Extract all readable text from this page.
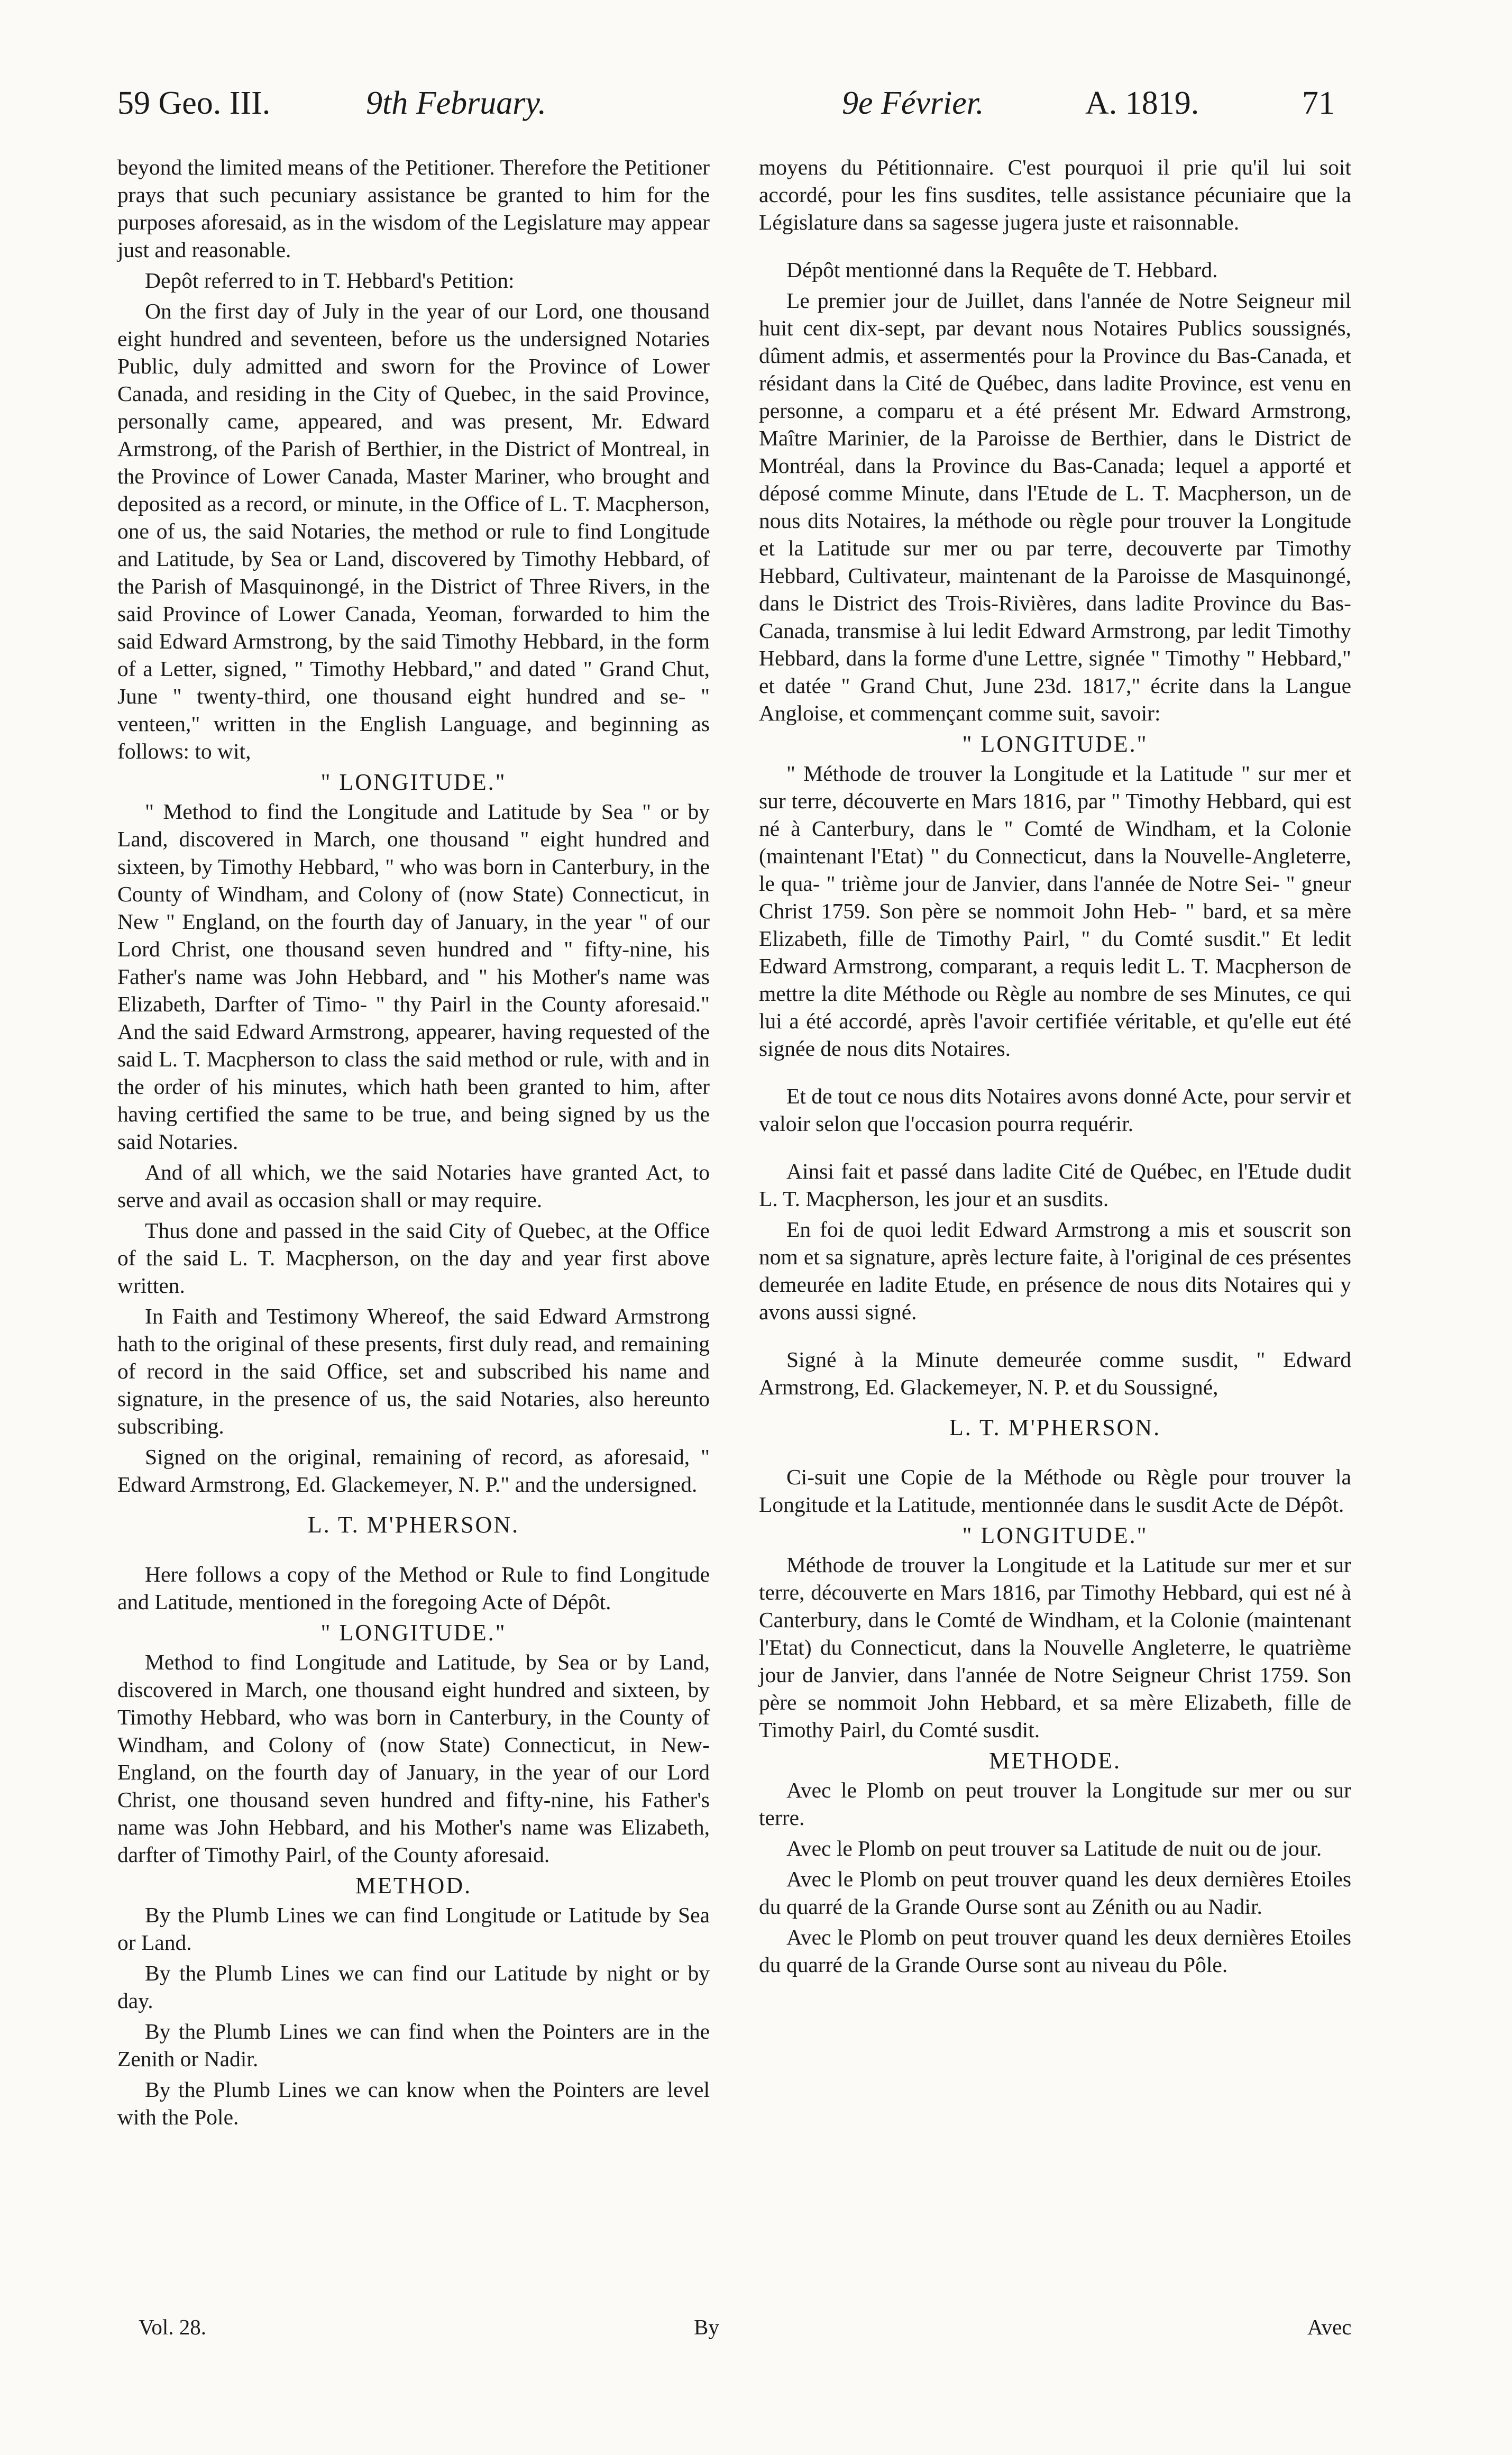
59 Geo. III.	9th February.	9e Février.	A. 1819.	71

beyond the limited means of the Petitioner. Therefore the Petitioner prays that such pecuniary assistance be granted to him for the purposes aforesaid, as in the wisdom of the Legislature may appear just and reasonable.

Depôt referred to in T. Hebbard's Petition:

On the first day of July in the year of our Lord, one thousand eight hundred and seventeen, before us the undersigned Notaries Public, duly admitted and sworn for the Province of Lower Canada, and residing in the City of Quebec, in the said Province, personally came, appeared, and was present, Mr. Edward Armstrong, of the Parish of Berthier, in the District of Montreal, in the Province of Lower Canada, Master Mariner, who brought and deposited as a record, or minute, in the Office of L. T. Macpherson, one of us, the said Notaries, the method or rule to find Longitude and Latitude, by Sea or Land, discovered by Timothy Hebbard, of the Parish of Masquinongé, in the District of Three Rivers, in the said Province of Lower Canada, Yeoman, forwarded to him the said Edward Armstrong, by the said Timothy Hebbard, in the form of a Letter, signed, " Timothy Hebbard," and dated " Grand Chut, June " twenty-third, one thousand eight hundred and se- " venteen," written in the English Language, and beginning as follows: to wit,

" LONGITUDE."

" Method to find the Longitude and Latitude by Sea " or by Land, discovered in March, one thousand " eight hundred and sixteen, by Timothy Hebbard, " who was born in Canterbury, in the County of Windham, and Colony of (now State) Connecticut, in New " England, on the fourth day of January, in the year " of our Lord Christ, one thousand seven hundred and " fifty-nine, his Father's name was John Hebbard, and " his Mother's name was Elizabeth, Darfter of Timo- " thy Pairl in the County aforesaid." And the said Edward Armstrong, appearer, having requested of the said L. T. Macpherson to class the said method or rule, with and in the order of his minutes, which hath been granted to him, after having certified the same to be true, and being signed by us the said Notaries.

And of all which, we the said Notaries have granted Act, to serve and avail as occasion shall or may require.

Thus done and passed in the said City of Quebec, at the Office of the said L. T. Macpherson, on the day and year first above written.

In Faith and Testimony Whereof, the said Edward Armstrong hath to the original of these presents, first duly read, and remaining of record in the said Office, set and subscribed his name and signature, in the presence of us, the said Notaries, also hereunto subscribing.

Signed on the original, remaining of record, as aforesaid, " Edward Armstrong, Ed. Glackemeyer, N. P." and the undersigned.

L. T. M'PHERSON.

Here follows a copy of the Method or Rule to find Longitude and Latitude, mentioned in the foregoing Acte of Dépôt.

" LONGITUDE."

Method to find Longitude and Latitude, by Sea or by Land, discovered in March, one thousand eight hundred and sixteen, by Timothy Hebbard, who was born in Canterbury, in the County of Windham, and Colony of (now State) Connecticut, in New-England, on the fourth day of January, in the year of our Lord Christ, one thousand seven hundred and fifty-nine, his Father's name was John Hebbard, and his Mother's name was Elizabeth, darfter of Timothy Pairl, of the County aforesaid.

METHOD.

By the Plumb Lines we can find Longitude or Latitude by Sea or Land.

By the Plumb Lines we can find our Latitude by night or by day.

By the Plumb Lines we can find when the Pointers are in the Zenith or Nadir.

By the Plumb Lines we can know when the Pointers are level with the Pole.

moyens du Pétitionnaire. C'est pourquoi il prie qu'il lui soit accordé, pour les fins susdites, telle assistance pécuniaire que la Législature dans sa sagesse jugera juste et raisonnable.

Dépôt mentionné dans la Requête de T. Hebbard.

Le premier jour de Juillet, dans l'année de Notre Seigneur mil huit cent dix-sept, par devant nous Notaires Publics soussignés, dûment admis, et assermentés pour la Province du Bas-Canada, et résidant dans la Cité de Québec, dans ladite Province, est venu en personne, a comparu et a été présent Mr. Edward Armstrong, Maître Marinier, de la Paroisse de Berthier, dans le District de Montréal, dans la Province du Bas-Canada; lequel a apporté et déposé comme Minute, dans l'Etude de L. T. Macpherson, un de nous dits Notaires, la méthode ou règle pour trouver la Longitude et la Latitude sur mer ou par terre, decouverte par Timothy Hebbard, Cultivateur, maintenant de la Paroisse de Masquinongé, dans le District des Trois-Rivières, dans ladite Province du Bas-Canada, transmise à lui ledit Edward Armstrong, par ledit Timothy Hebbard, dans la forme d'une Lettre, signée " Timothy " Hebbard," et datée " Grand Chut, June 23d. 1817," écrite dans la Langue Angloise, et commençant comme suit, savoir:

" LONGITUDE."

" Méthode de trouver la Longitude et la Latitude " sur mer et sur terre, découverte en Mars 1816, par " Timothy Hebbard, qui est né à Canterbury, dans le " Comté de Windham, et la Colonie (maintenant l'Etat) " du Connecticut, dans la Nouvelle-Angleterre, le qua- " trième jour de Janvier, dans l'année de Notre Sei- " gneur Christ 1759. Son père se nommoit John Heb- " bard, et sa mère Elizabeth, fille de Timothy Pairl, " du Comté susdit." Et ledit Edward Armstrong, comparant, a requis ledit L. T. Macpherson de mettre la dite Méthode ou Règle au nombre de ses Minutes, ce qui lui a été accordé, après l'avoir certifiée véritable, et qu'elle eut été signée de nous dits Notaires.

Et de tout ce nous dits Notaires avons donné Acte, pour servir et valoir selon que l'occasion pourra requérir.

Ainsi fait et passé dans ladite Cité de Québec, en l'Etude dudit L. T. Macpherson, les jour et an susdits.

En foi de quoi ledit Edward Armstrong a mis et souscrit son nom et sa signature, après lecture faite, à l'original de ces présentes demeurée en ladite Etude, en présence de nous dits Notaires qui y avons aussi signé.

Signé à la Minute demeurée comme susdit, " Edward Armstrong, Ed. Glackemeyer, N. P. et du Soussigné,

L. T. M'PHERSON.

Ci-suit une Copie de la Méthode ou Règle pour trouver la Longitude et la Latitude, mentionnée dans le susdit Acte de Dépôt.

" LONGITUDE."

Méthode de trouver la Longitude et la Latitude sur mer et sur terre, découverte en Mars 1816, par Timothy Hebbard, qui est né à Canterbury, dans le Comté de Windham, et la Colonie (maintenant l'Etat) du Connecticut, dans la Nouvelle Angleterre, le quatrième jour de Janvier, dans l'année de Notre Seigneur Christ 1759. Son père se nommoit John Hebbard, et sa mère Elizabeth, fille de Timothy Pairl, du Comté susdit.

METHODE.

Avec le Plomb on peut trouver la Longitude sur mer ou sur terre.

Avec le Plomb on peut trouver sa Latitude de nuit ou de jour.

Avec le Plomb on peut trouver quand les deux dernières Etoiles du quarré de la Grande Ourse sont au Zénith ou au Nadir.

Avec le Plomb on peut trouver quand les deux dernières Etoiles du quarré de la Grande Ourse sont au niveau du Pôle.

Vol. 28.	By	Avec
